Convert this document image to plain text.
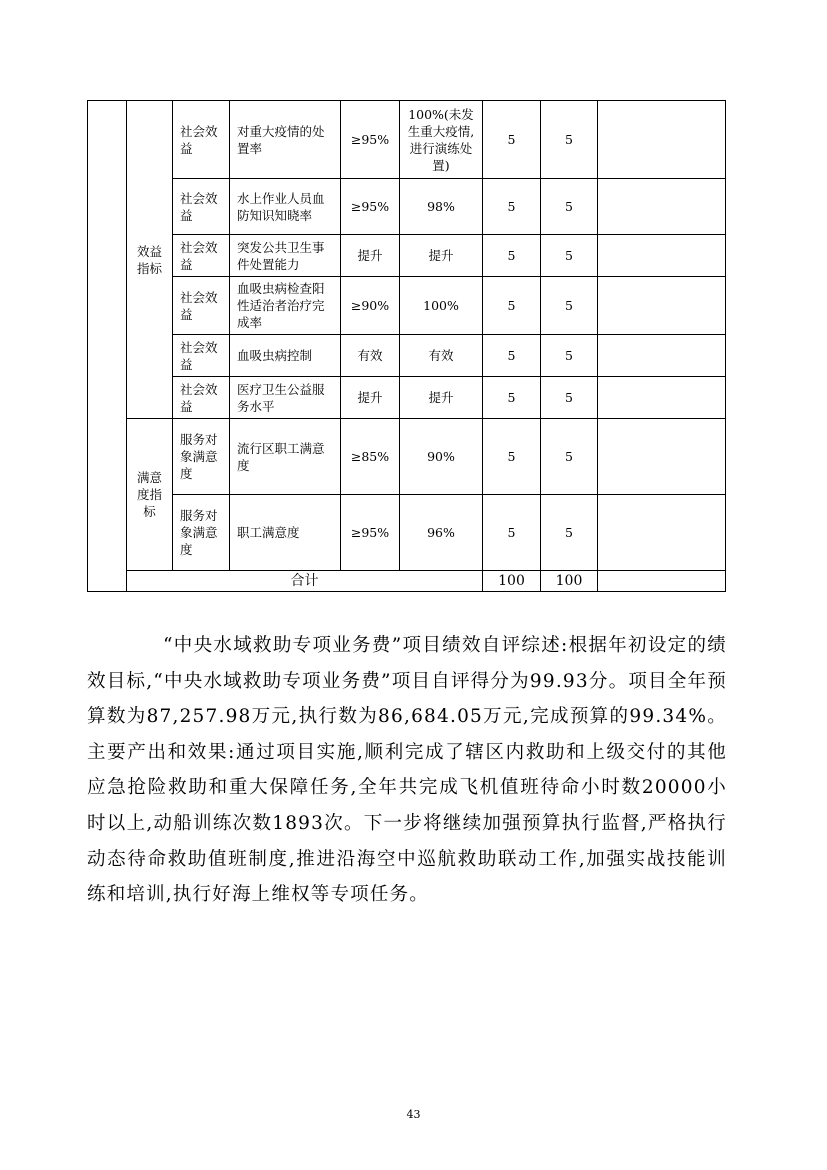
	效益指标	社会效益	对重大疫情的处置率	≥95%	100%(未发生重大疫情,进行演练处置)	5	5	
		社会效益	水上作业人员血防知识知晓率	≥95%	98%	5	5	
		社会效益	突发公共卫生事件处置能力	提升	提升	5	5	
		社会效益	血吸虫病检查阳性适治者治疗完成率	≥90%	100%	5	5	
		社会效益	血吸虫病控制	有效	有效	5	5	
		社会效益	医疗卫生公益服务水平	提升	提升	5	5	
	满意度指标	服务对象满意度	流行区职工满意度	≥85%	90%	5	5	
		服务对象满意度	职工满意度	≥95%	96%	5	5	
	合计					100	100	

“中央水域救助专项业务费”项目绩效自评综述:根据年初设定的绩效目标,“中央水域救助专项业务费”项目自评得分为99.93分。项目全年预算数为87,257.98万元,执行数为86,684.05万元,完成预算的99.34%。主要产出和效果:通过项目实施,顺利完成了辖区内救助和上级交付的其他应急抢险救助和重大保障任务,全年共完成飞机值班待命小时数20000小时以上,动船训练次数1893次。下一步将继续加强预算执行监督,严格执行动态待命救助值班制度,推进沿海空中巡航救助联动工作,加强实战技能训练和培训,执行好海上维权等专项任务。

43
